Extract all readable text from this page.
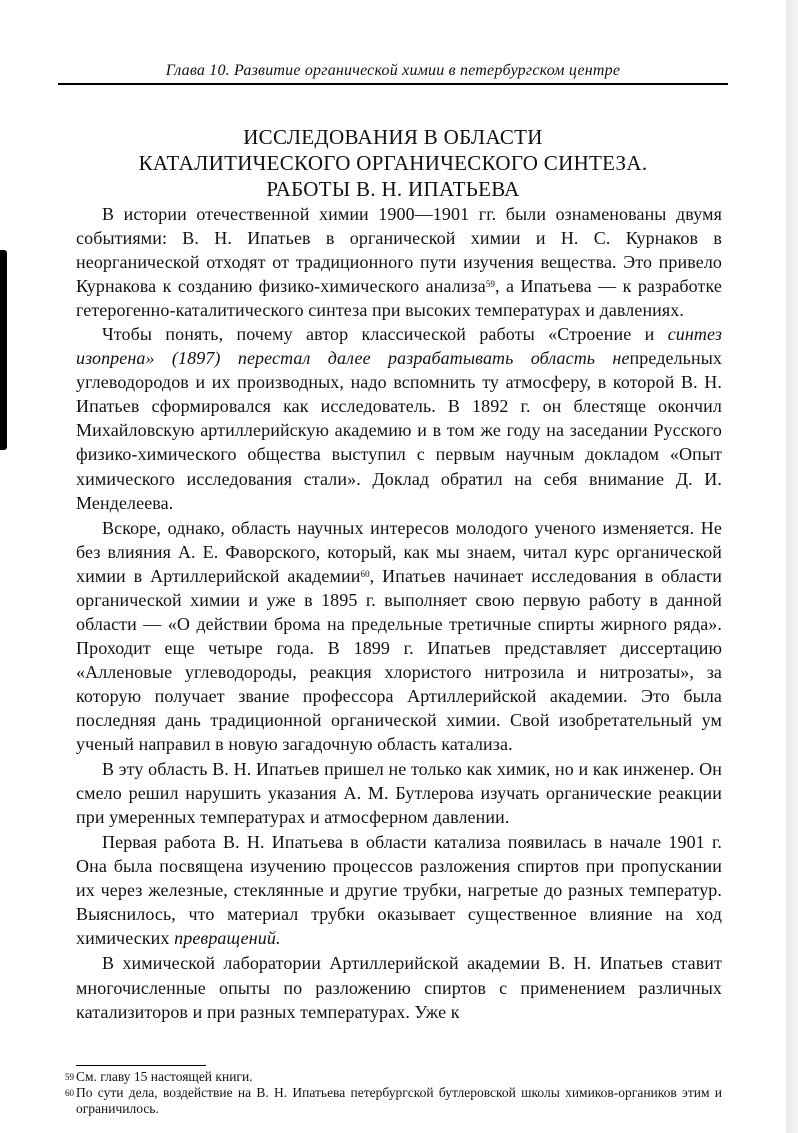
Глава 10. Развитие органической химии в петербургском центре
ИССЛЕДОВАНИЯ В ОБЛАСТИ
КАТАЛИТИЧЕСКОГО ОРГАНИЧЕСКОГО СИНТЕЗА.
РАБОТЫ В. Н. ИПАТЬЕВА

В истории отечественной химии 1900—1901 гг. были ознаменованы двумя событиями: В. Н. Ипатьев в органической химии и Н. С. Курнаков в неорганической отходят от традиционного пути изучения вещества. Это привело Курнакова к созданию физико-химического анализа$^{59}$, а Ипатьева — к разработке гетерогенно-каталитического синтеза при высоких температурах и давлениях.

Чтобы понять, почему автор классической работы «Строение и синтез изопрена» (1897) перестал далее разрабатывать область непредельных углеводородов и их производных, надо вспомнить ту атмосферу, в которой В. Н. Ипатьев сформировался как исследователь. В 1892 г. он блестяще окончил Михайловскую артиллерийскую академию и в том же году на заседании Русского физико-химического общества выступил с первым научным докладом «Опыт химического исследования стали». Доклад обратил на себя внимание Д. И. Менделеева.

Вскоре, однако, область научных интересов молодого ученого изменяется. Не без влияния А. Е. Фаворского, который, как мы знаем, читал курс органической химии в Артиллерийской академии$^{60}$, Ипатьев начинает исследования в области органической химии и уже в 1895 г. выполняет свою первую работу в данной области — «О действии брома на предельные третичные спирты жирного ряда». Проходит еще четыре года. В 1899 г. Ипатьев представляет диссертацию «Алленовые углеводороды, реакция хлористого нитрозила и нитрозаты», за которую получает звание профессора Артиллерийской академии. Это была последняя дань традиционной органической химии. Свой изобретательный ум ученый направил в новую загадочную область катализа.

В эту область В. Н. Ипатьев пришел не только как химик, но и как инженер. Он смело решил нарушить указания А. М. Бутлерова изучать органические реакции при умеренных температурах и атмосферном давлении.

Первая работа В. Н. Ипатьева в области катализа появилась в начале 1901 г. Она была посвящена изучению процессов разложения спиртов при пропускании их через железные, стеклянные и другие трубки, нагретые до разных температур. Выяснилось, что материал трубки оказывает существенное влияние на ход химических превращений.

В химической лаборатории Артиллерийской академии В. Н. Ипатьев ставит многочисленные опыты по разложению спиртов с применением различных катализиторов и при разных температурах. Уже к

59 См. главу 15 настоящей книги.

60 По сути дела, воздействие на В. Н. Ипатьева петербургской бутлеровской школы химиков-органиков этим и ограничилось.
